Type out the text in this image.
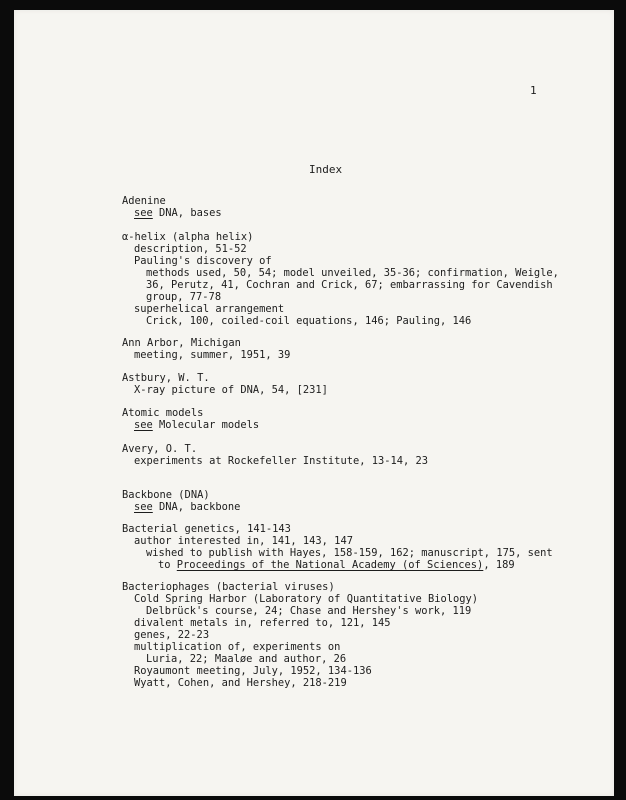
1
Index
Adenine
see DNA, bases
α-helix (alpha helix)
description, 51-52
Pauling's discovery of
methods used, 50, 54; model unveiled, 35-36; confirmation, Weigle,
36, Perutz, 41, Cochran and Crick, 67; embarrassing for Cavendish
group, 77-78
superhelical arrangement
Crick, 100, coiled-coil equations, 146; Pauling, 146
Ann Arbor, Michigan
meeting, summer, 1951, 39
Astbury, W. T.
X-ray picture of DNA, 54, [231]
Atomic models
see Molecular models
Avery, O. T.
experiments at Rockefeller Institute, 13-14, 23
Backbone (DNA)
see DNA, backbone
Bacterial genetics, 141-143
author interested in, 141, 143, 147
wished to publish with Hayes, 158-159, 162; manuscript, 175, sent
to Proceedings of the National Academy (of Sciences), 189
Bacteriophages (bacterial viruses)
Cold Spring Harbor (Laboratory of Quantitative Biology)
Delbrück's course, 24; Chase and Hershey's work, 119
divalent metals in, referred to, 121, 145
genes, 22-23
multiplication of, experiments on
Luria, 22; Maaløe and author, 26
Royaumont meeting, July, 1952, 134-136
Wyatt, Cohen, and Hershey, 218-219
